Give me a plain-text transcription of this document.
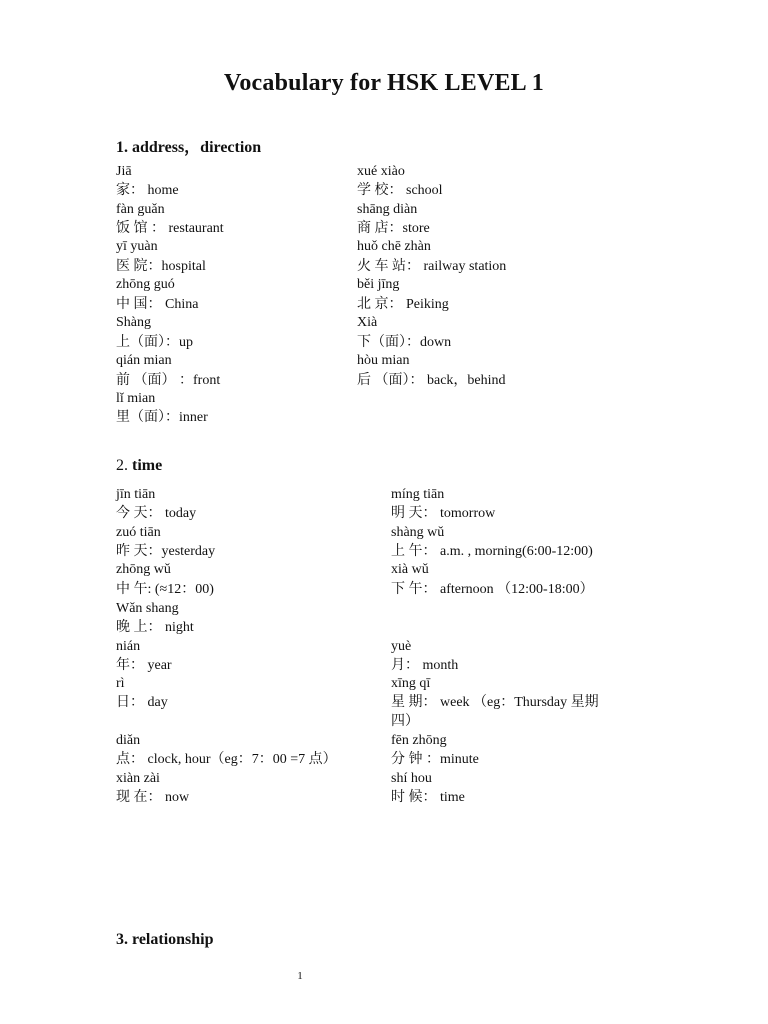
Vocabulary for HSK LEVEL 1
1. address，direction
Jiā
家： home
fàn guǎn
饭 馆 ： restaurant
yī yuàn
医 院：hospital
zhōng guó
中 国： China
Shàng
上（面）：up
qián mian
前 （面） ：front
lǐ mian
里（面）：inner
xué xiào
学 校： school
shāng diàn
商 店：store
huǒ chē zhàn
火 车 站： railway station
běi jīng
北 京： Peiking
Xià
下（面）：down
hòu mian
后 （面）： back，behind
2. time
jīn tiān
今 天： today
zuó tiān
昨 天：yesterday
zhōng wǔ
中 午: (≈12：00)
Wǎn shang
晚 上： night
nián
年： year
rì
日： day
diǎn
点： clock, hour（eg：7：00 =7 点）
xiàn zài
现 在： now
míng tiān
明 天： tomorrow
shàng wǔ
上 午： a.m. , morning(6:00-12:00)
xià wǔ
下 午： afternoon （12:00-18:00）
yuè
月： month
xīng qī
星 期： week （eg：Thursday 星期
四）
fēn zhōng
分 钟 ：minute
shí hou
时 候： time
3. relationship
1
